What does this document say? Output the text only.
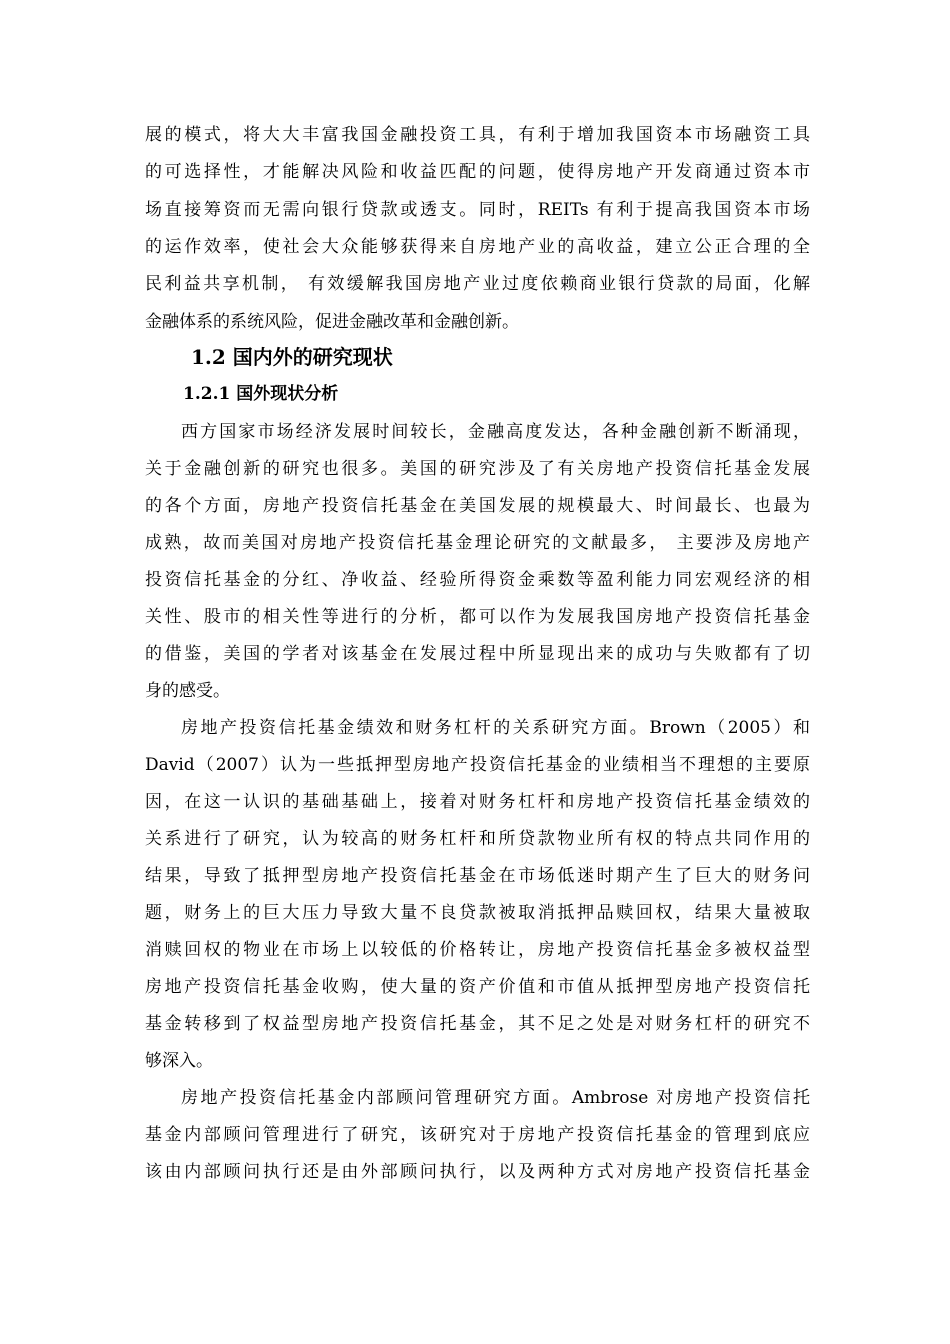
展的模式，将大大丰富我国金融投资工具，有利于增加我国资本市场融资工具
的可选择性，才能解决风险和收益匹配的问题，使得房地产开发商通过资本市
场直接筹资而无需向银行贷款或透支。同时，REITs 有利于提高我国资本市场
的运作效率，使社会大众能够获得来自房地产业的高收益，建立公正合理的全
民利益共享机制， 有效缓解我国房地产业过度依赖商业银行贷款的局面，化解
金融体系的系统风险，促进金融改革和金融创新。
1.2 国内外的研究现状
1.2.1 国外现状分析
西方国家市场经济发展时间较长，金融高度发达，各种金融创新不断涌现，
关于金融创新的研究也很多。美国的研究涉及了有关房地产投资信托基金发展
的各个方面，房地产投资信托基金在美国发展的规模最大、时间最长、也最为
成熟，故而美国对房地产投资信托基金理论研究的文献最多， 主要涉及房地产
投资信托基金的分红、净收益、经验所得资金乘数等盈利能力同宏观经济的相
关性、股市的相关性等进行的分析，都可以作为发展我国房地产投资信托基金
的借鉴，美国的学者对该基金在发展过程中所显现出来的成功与失败都有了切
身的感受。
房地产投资信托基金绩效和财务杠杆的关系研究方面。Brown（2005）和
David（2007）认为一些抵押型房地产投资信托基金的业绩相当不理想的主要原
因，在这一认识的基础基础上，接着对财务杠杆和房地产投资信托基金绩效的
关系进行了研究，认为较高的财务杠杆和所贷款物业所有权的特点共同作用的
结果，导致了抵押型房地产投资信托基金在市场低迷时期产生了巨大的财务问
题，财务上的巨大压力导致大量不良贷款被取消抵押品赎回权，结果大量被取
消赎回权的物业在市场上以较低的价格转让，房地产投资信托基金多被权益型
房地产投资信托基金收购，使大量的资产价值和市值从抵押型房地产投资信托
基金转移到了权益型房地产投资信托基金，其不足之处是对财务杠杆的研究不
够深入。
房地产投资信托基金内部顾问管理研究方面。Ambrose 对房地产投资信托
基金内部顾问管理进行了研究，该研究对于房地产投资信托基金的管理到底应
该由内部顾问执行还是由外部顾问执行，以及两种方式对房地产投资信托基金
